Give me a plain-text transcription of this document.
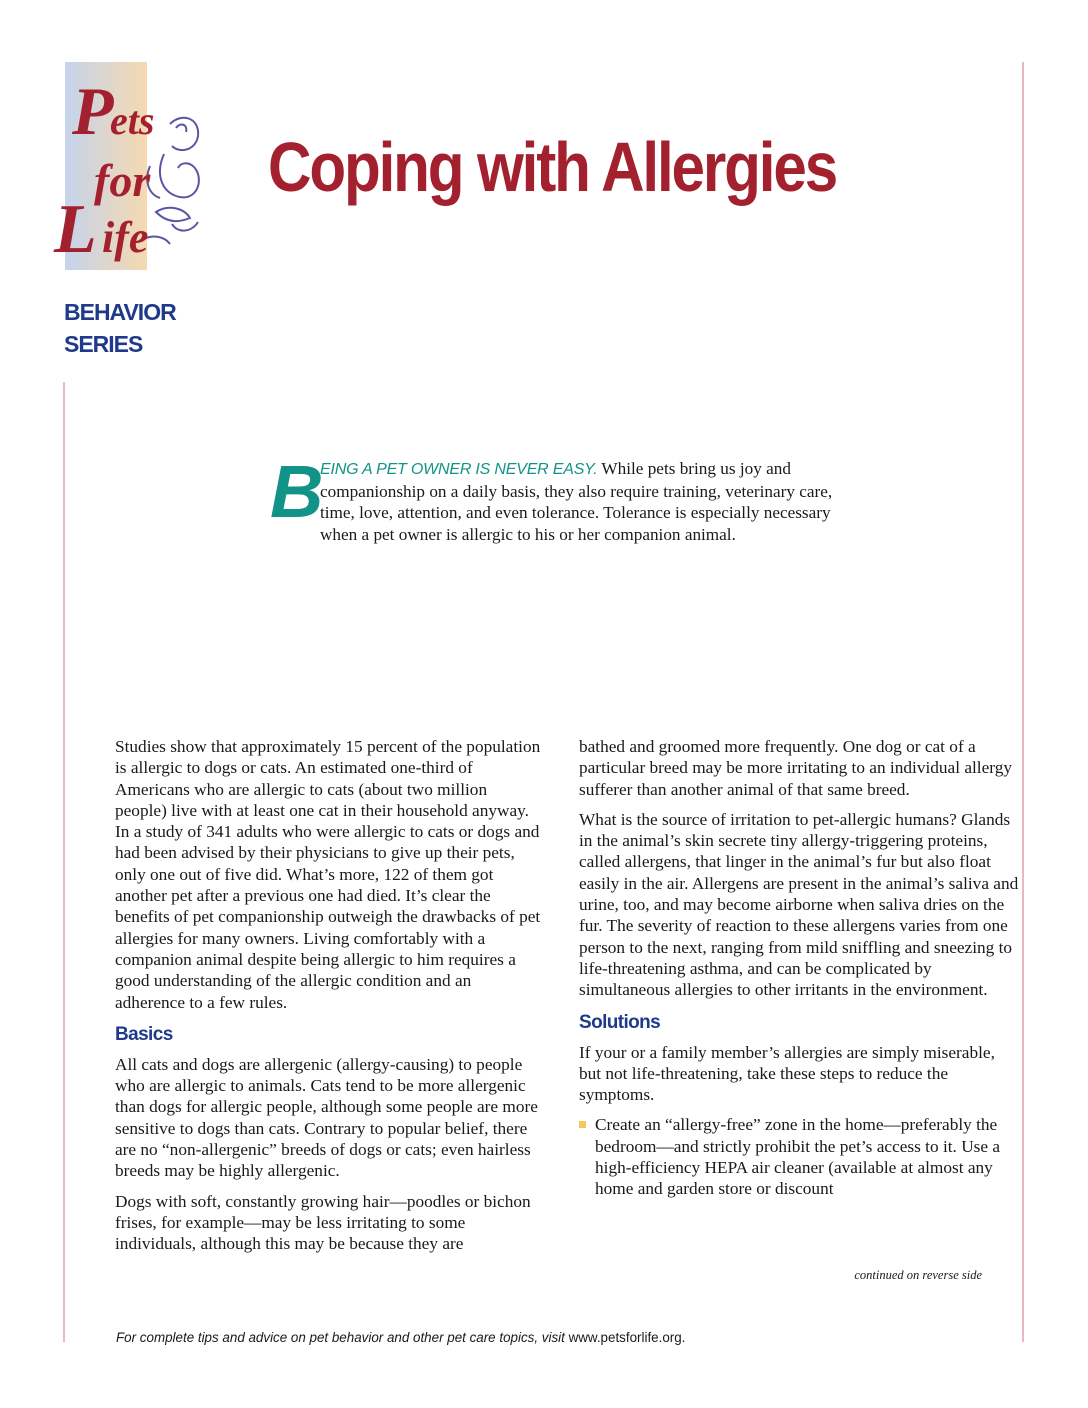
P
ets
for
L ife
Coping with Allergies
BEHAVIOR
SERIES
B
EING A PET OWNER IS NEVER EASY. While pets bring us joy and companionship on a daily basis, they also require training, veterinary care, time, love, attention, and even tolerance. Tolerance is especially necessary when a pet owner is allergic to his or her companion animal.

Studies show that approximately 15 percent of the population is allergic to dogs or cats. An estimated one-third of Americans who are allergic to cats (about two million people) live with at least one cat in their household anyway. In a study of 341 adults who were allergic to cats or dogs and had been advised by their physicians to give up their pets, only one out of five did. What’s more, 122 of them got another pet after a previous one had died. It’s clear the benefits of pet companionship outweigh the drawbacks of pet allergies for many owners. Living comfortably with a companion animal despite being allergic to him requires a good understanding of the allergic condition and an adherence to a few rules.

Basics

All cats and dogs are allergenic (allergy-causing) to people who are allergic to animals. Cats tend to be more allergenic than dogs for allergic people, although some people are more sensitive to dogs than cats. Contrary to popular belief, there are no “non-allergenic” breeds of dogs or cats; even hairless breeds may be highly allergenic.

Dogs with soft, constantly growing hair—poodles or bichon frises, for example—may be less irritating to some individuals, although this may be because they are

bathed and groomed more frequently. One dog or cat of a particular breed may be more irritating to an individual allergy sufferer than another animal of that same breed.

What is the source of irritation to pet-allergic humans? Glands in the animal’s skin secrete tiny allergy-triggering proteins, called allergens, that linger in the animal’s fur but also float easily in the air. Allergens are present in the animal’s saliva and urine, too, and may become airborne when saliva dries on the fur. The severity of reaction to these allergens varies from one person to the next, ranging from mild sniffling and sneezing to life-threatening asthma, and can be complicated by simultaneous allergies to other irritants in the environment.

Solutions

If your or a family member’s allergies are simply miserable, but not life-threatening, take these steps to reduce the symptoms.

Create an “allergy-free” zone in the home—preferably the bedroom—and strictly prohibit the pet’s access to it. Use a high-efficiency HEPA air cleaner (available at almost any home and garden store or discount
continued on reverse side
For complete tips and advice on pet behavior and other pet care topics, visit www.petsforlife.org.
